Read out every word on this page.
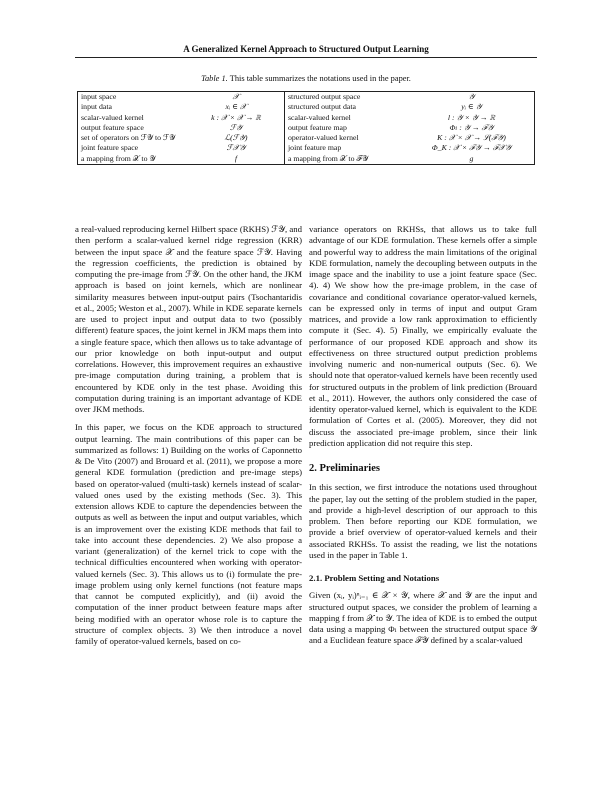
A Generalized Kernel Approach to Structured Output Learning
Table 1. This table summarizes the notations used in the paper.
input space	𝒳	structured output space	𝒴
input data	xᵢ ∈ 𝒳	structured output data	yᵢ ∈ 𝒴
scalar-valued kernel	k : 𝒳 × 𝒳 → ℝ	scalar-valued kernel	l : 𝒴 × 𝒴 → ℝ
output feature space	ℱ𝒴	output feature map	Φₗ : 𝒴 → ℱ𝒴
set of operators on ℱ𝒴 to ℱ𝒴	ℒ(ℱ𝒴)	operator-valued kernel	K : 𝒳 × 𝒳 → ℒ(ℱ𝒴)
joint feature space	ℱ𝒳𝒴	joint feature map	Φ_K : 𝒳 × ℱ𝒴 → ℱ𝒳𝒴
a mapping from 𝒳 to 𝒴	f	a mapping from 𝒳 to ℱ𝒴	g

a real-valued reproducing kernel Hilbert space (RKHS) ℱ𝒴, and then perform a scalar-valued kernel ridge regression (KRR) between the input space 𝒳 and the feature space ℱ𝒴. Having the regression coefficients, the prediction is obtained by computing the pre-image from ℱ𝒴. On the other hand, the JKM approach is based on joint kernels, which are nonlinear similarity measures between input-output pairs (Tsochantaridis et al., 2005; Weston et al., 2007). While in KDE separate kernels are used to project input and output data to two (possibly different) feature spaces, the joint kernel in JKM maps them into a single feature space, which then allows us to take advantage of our prior knowledge on both input-output and output correlations. However, this improvement requires an exhaustive pre-image computation during training, a problem that is encountered by KDE only in the test phase. Avoiding this computation during training is an important advantage of KDE over JKM methods.

In this paper, we focus on the KDE approach to structured output learning. The main contributions of this paper can be summarized as follows: 1) Building on the works of Caponnetto & De Vito (2007) and Brouard et al. (2011), we propose a more general KDE formulation (prediction and pre-image steps) based on operator-valued (multi-task) kernels instead of scalar-valued ones used by the existing methods (Sec. 3). This extension allows KDE to capture the dependencies between the outputs as well as between the input and output variables, which is an improvement over the existing KDE methods that fail to take into account these dependencies. 2) We also propose a variant (generalization) of the kernel trick to cope with the technical difficulties encountered when working with operator-valued kernels (Sec. 3). This allows us to (i) formulate the pre-image problem using only kernel functions (not feature maps that cannot be computed explicitly), and (ii) avoid the computation of the inner product between feature maps after being modified with an operator whose role is to capture the structure of complex objects. 3) We then introduce a novel family of operator-valued kernels, based on co-

variance operators on RKHSs, that allows us to take full advantage of our KDE formulation. These kernels offer a simple and powerful way to address the main limitations of the original KDE formulation, namely the decoupling between outputs in the image space and the inability to use a joint feature space (Sec. 4). 4) We show how the pre-image problem, in the case of covariance and conditional covariance operator-valued kernels, can be expressed only in terms of input and output Gram matrices, and provide a low rank approximation to efficiently compute it (Sec. 4). 5) Finally, we empirically evaluate the performance of our proposed KDE approach and show its effectiveness on three structured output prediction problems involving numeric and non-numerical outputs (Sec. 6). We should note that operator-valued kernels have been recently used for structured outputs in the problem of link prediction (Brouard et al., 2011). However, the authors only considered the case of identity operator-valued kernel, which is equivalent to the KDE formulation of Cortes et al. (2005). Moreover, they did not discuss the associated pre-image problem, since their link prediction application did not require this step.

2. Preliminaries

In this section, we first introduce the notations used throughout the paper, lay out the setting of the problem studied in the paper, and provide a high-level description of our approach to this problem. Then before reporting our KDE formulation, we provide a brief overview of operator-valued kernels and their associated RKHSs. To assist the reading, we list the notations used in the paper in Table 1.

2.1. Problem Setting and Notations

Given (xᵢ, yᵢ)ⁿᵢ₌₁ ∈ 𝒳 × 𝒴, where 𝒳 and 𝒴 are the input and structured output spaces, we consider the problem of learning a mapping f from 𝒳 to 𝒴. The idea of KDE is to embed the output data using a mapping Φₗ between the structured output space 𝒴 and a Euclidean feature space ℱ𝒴 defined by a scalar-valued
